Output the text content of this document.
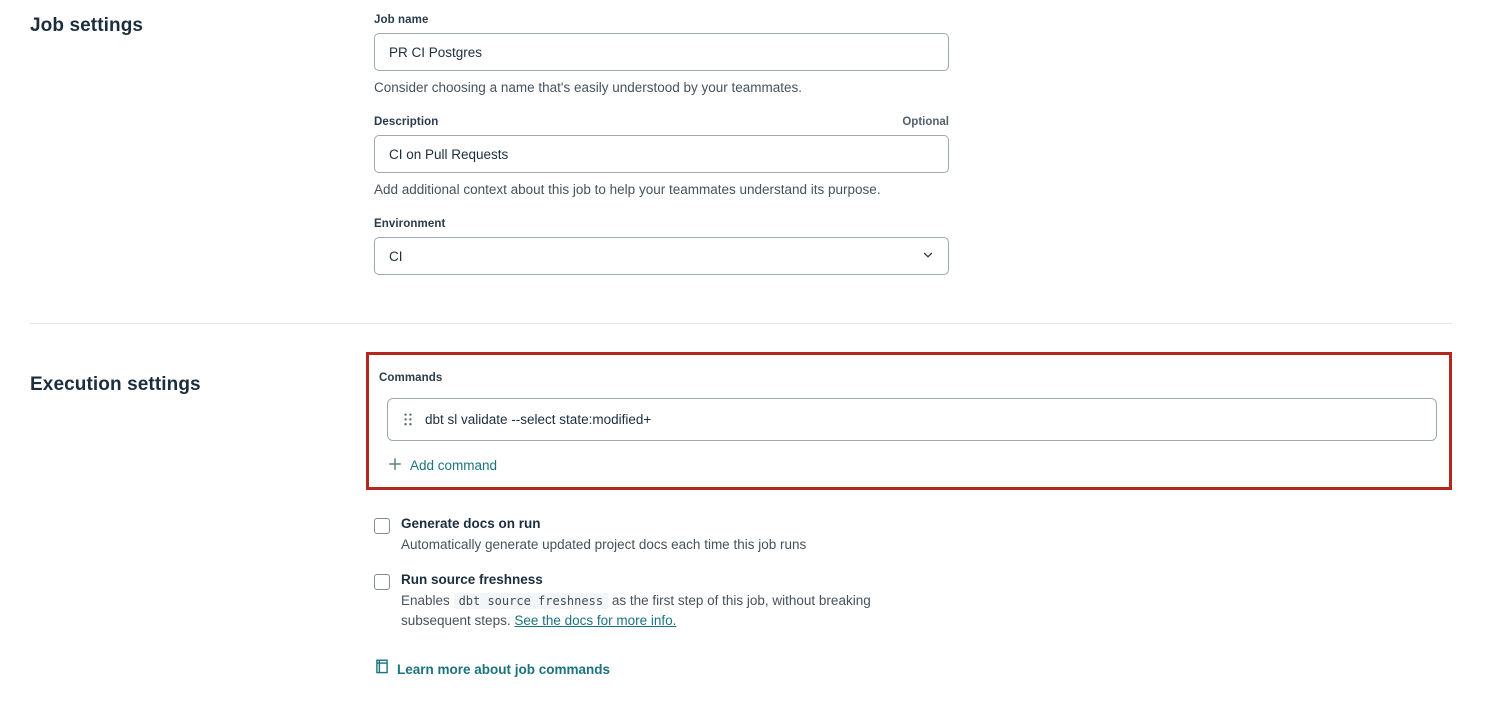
Job settings	Job name
PR CI Postgres
Consider choosing a name that's easily understood by your teammates.
Description	Optional
CI on Pull Requests
Add additional context about this job to help your teammates understand its purpose.
Environment
CI
Execution settings	Commands
dbt sl validate --select state:modified+
Add command
Generate docs on run
Automatically generate updated project docs each time this job runs
Run source freshness
Enables dbt source freshness as the first step of this job, without breaking subsequent steps. See the docs for more info.
Learn more about job commands
